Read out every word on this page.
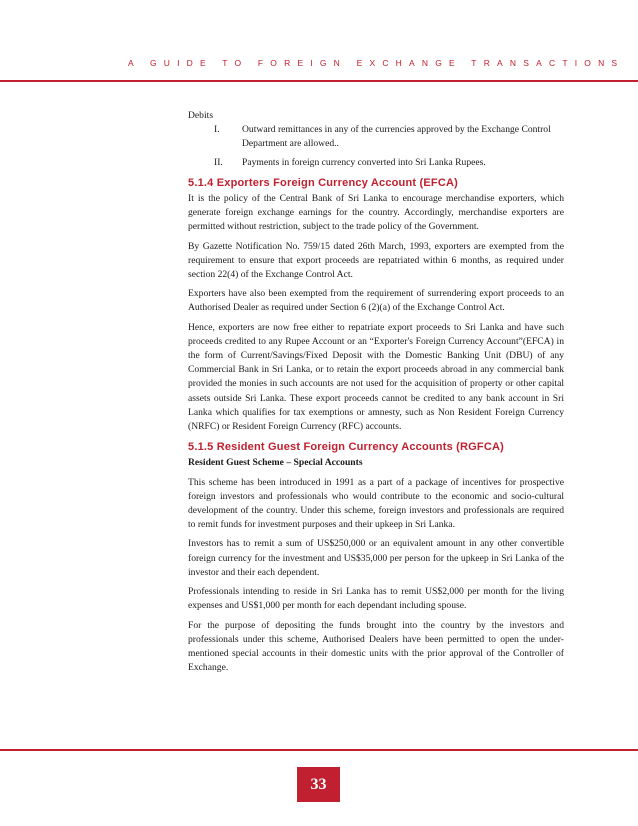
A GUIDE TO FOREIGN EXCHANGE TRANSACTIONS
Debits
I.	Outward remittances in any of the currencies approved by the Exchange Control Department are allowed..
II.	Payments in foreign currency converted into Sri Lanka Rupees.
5.1.4 Exporters Foreign Currency Account (EFCA)

It is the policy of the Central Bank of Sri Lanka to encourage merchandise exporters, which generate foreign exchange earnings for the country. Accordingly, merchandise exporters are permitted without restriction, subject to the trade policy of the Government.

By Gazette Notification No. 759/15 dated 26th March, 1993, exporters are exempted from the requirement to ensure that export proceeds are repatriated within 6 months, as required under section 22(4) of the Exchange Control Act.

Exporters have also been exempted from the requirement of surrendering export proceeds to an Authorised Dealer as required under Section 6 (2)(a) of the Exchange Control Act.

Hence, exporters are now free either to repatriate export proceeds to Sri Lanka and have such proceeds credited to any Rupee Account or an “Exporter's Foreign Currency Account”(EFCA) in the form of Current/Savings/Fixed Deposit with the Domestic Banking Unit (DBU) of any Commercial Bank in Sri Lanka, or to retain the export proceeds abroad in any commercial bank provided the monies in such accounts are not used for the acquisition of property or other capital assets outside Sri Lanka. These export proceeds cannot be credited to any bank account in Sri Lanka which qualifies for tax exemptions or amnesty, such as Non Resident Foreign Currency (NRFC) or Resident Foreign Currency (RFC) accounts.

5.1.5 Resident Guest Foreign Currency Accounts (RGFCA)
Resident Guest Scheme – Special Accounts

This scheme has been introduced in 1991 as a part of a package of incentives for prospective foreign investors and professionals who would contribute to the economic and socio-cultural development of the country. Under this scheme, foreign investors and professionals are required to remit funds for investment purposes and their upkeep in Sri Lanka.

Investors has to remit a sum of US$250,000 or an equivalent amount in any other convertible foreign currency for the investment and US$35,000 per person for the upkeep in Sri Lanka of the investor and their each dependent.

Professionals intending to reside in Sri Lanka has to remit US$2,000 per month for the living expenses and US$1,000 per month for each dependant including spouse.

For the purpose of depositing the funds brought into the country by the investors and professionals under this scheme, Authorised Dealers have been permitted to open the under-mentioned special accounts in their domestic units with the prior approval of the Controller of Exchange.

33
